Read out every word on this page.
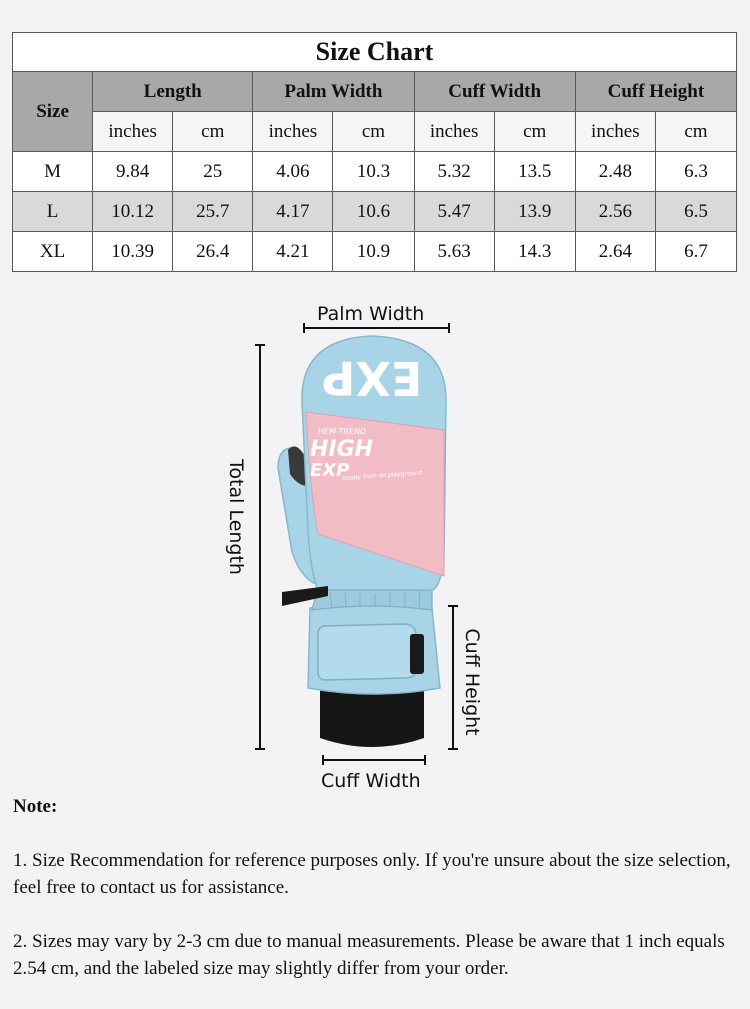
Size Chart								
Size	Length		Palm Width		Cuff Width		Cuff Height	
	inches	cm	inches	cm	inches	cm	inches	cm
M	9.84	25	4.06	10.3	5.32	13.5	2.48	6.3
L	10.12	25.7	4.17	10.6	5.47	13.9	2.56	6.5
XL	10.39	26.4	4.21	10.9	5.63	14.3	2.64	6.7
Palm Width
Total Length
Cuff Height
Cuff Width
EXP
HEM TREND
HIGH
EXP
Ready from an playground
Note:

1. Size Recommendation for reference purposes only. If you're unsure about the size selection, feel free to contact us for assistance.

2. Sizes may vary by 2-3 cm due to manual measurements. Please be aware that 1 inch equals 2.54 cm, and the labeled size may slightly differ from your order.
